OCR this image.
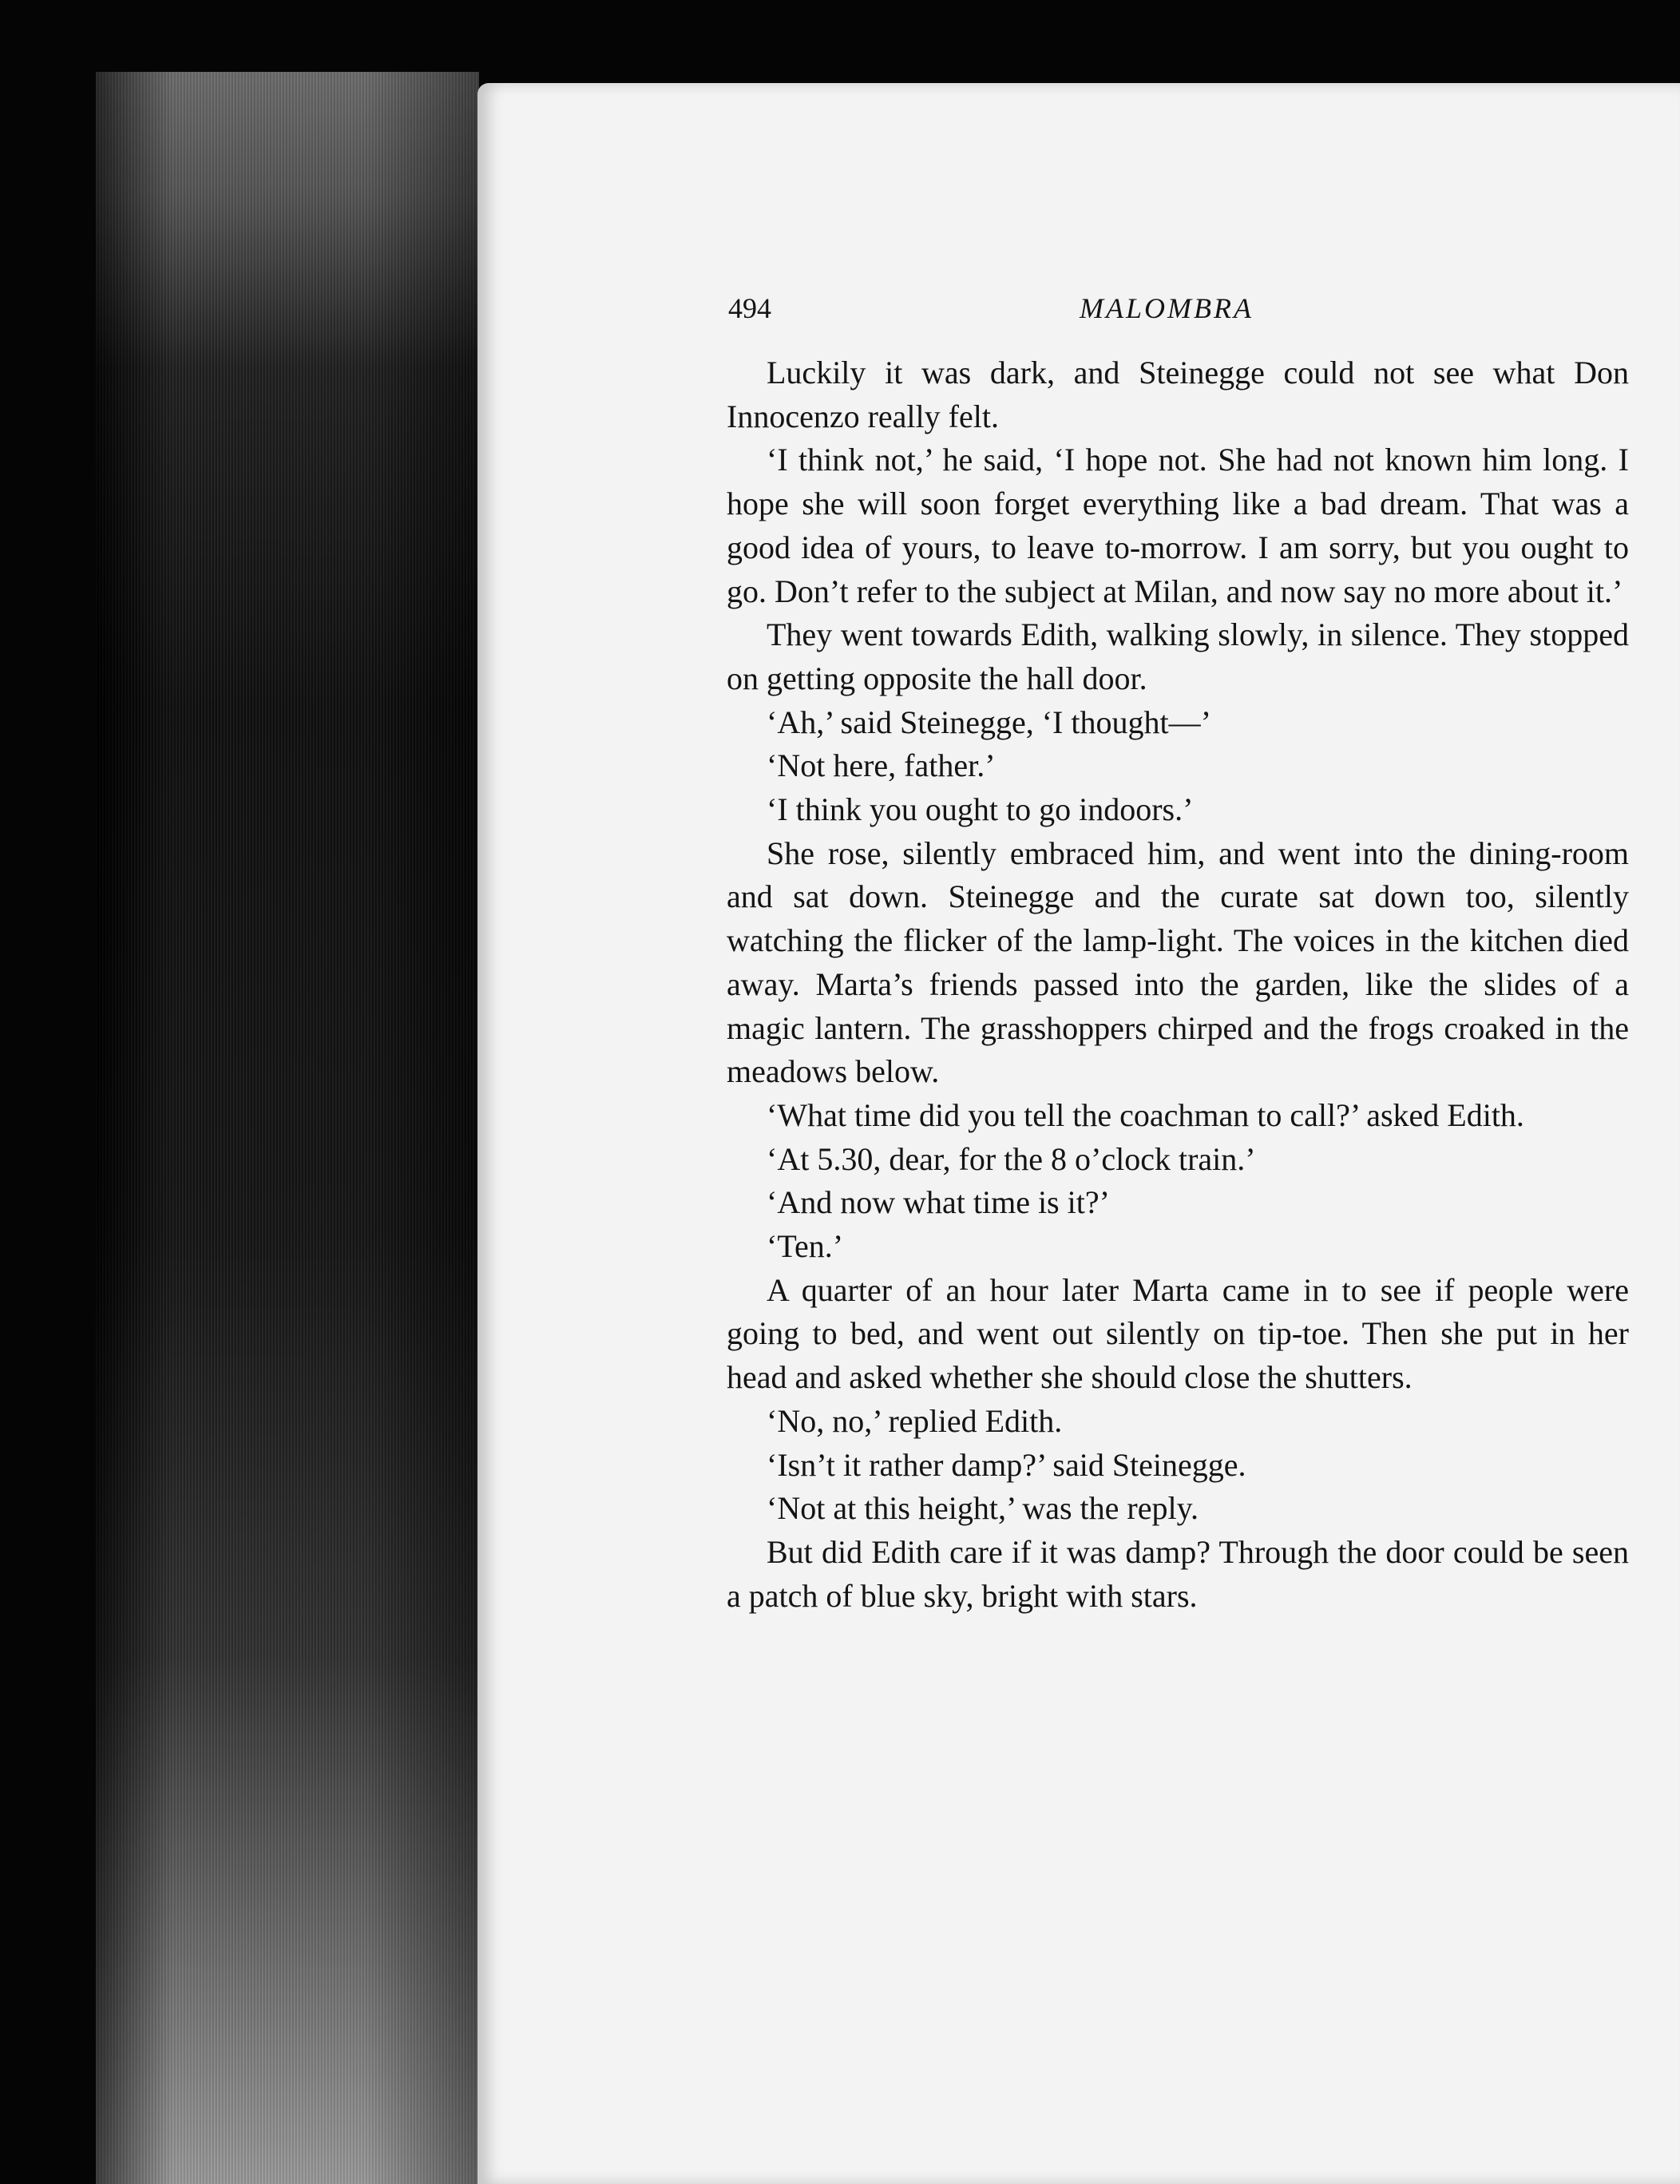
494	MALOMBRA

Luckily it was dark, and Steinegge could not see what Don Innocenzo really felt.

‘I think not,’ he said, ‘I hope not. She had not known him long. I hope she will soon forget everything like a bad dream. That was a good idea of yours, to leave to-morrow. I am sorry, but you ought to go. Don’t refer to the subject at Milan, and now say no more about it.’

They went towards Edith, walking slowly, in silence. They stopped on getting opposite the hall door.

‘Ah,’ said Steinegge, ‘I thought—’

‘Not here, father.’

‘I think you ought to go indoors.’

She rose, silently embraced him, and went into the dining-room and sat down. Steinegge and the curate sat down too, silently watching the flicker of the lamp-light. The voices in the kitchen died away. Marta’s friends passed into the garden, like the slides of a magic lantern. The grasshoppers chirped and the frogs croaked in the meadows below.

‘What time did you tell the coachman to call?’ asked Edith.

‘At 5.30, dear, for the 8 o’clock train.’

‘And now what time is it?’

‘Ten.’

A quarter of an hour later Marta came in to see if people were going to bed, and went out silently on tip-toe. Then she put in her head and asked whether she should close the shutters.

‘No, no,’ replied Edith.

‘Isn’t it rather damp?’ said Steinegge.

‘Not at this height,’ was the reply.

But did Edith care if it was damp? Through the door could be seen a patch of blue sky, bright with stars.
